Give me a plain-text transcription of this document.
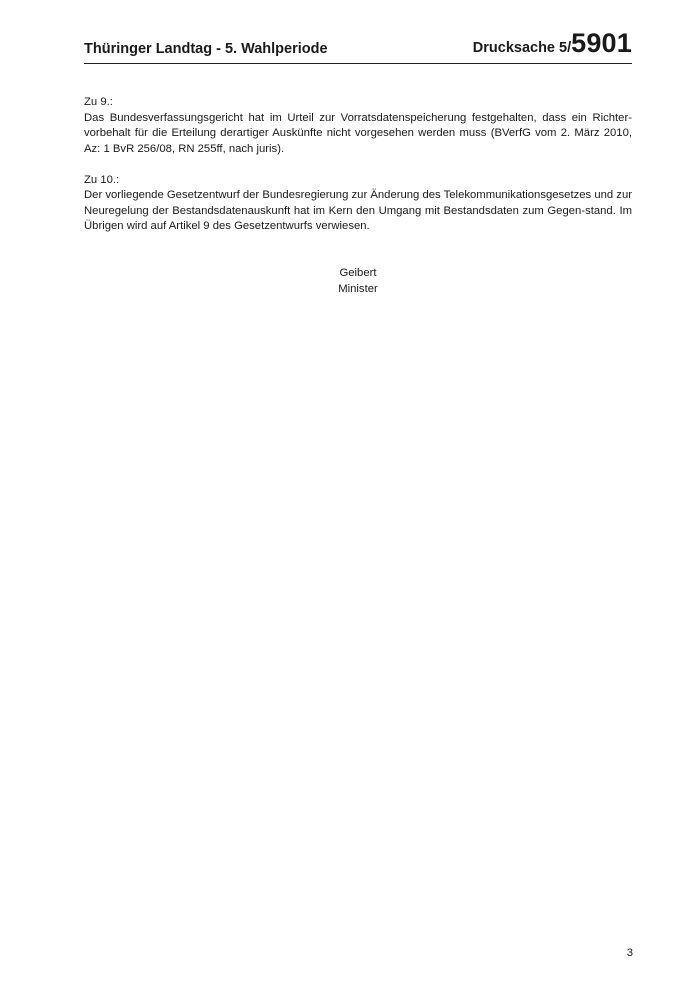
Thüringer Landtag - 5. Wahlperiode	Drucksache 5/5901

Zu 9.:

Das Bundesverfassungsgericht hat im Urteil zur Vorratsdatenspeicherung festgehalten, dass ein Richter-vorbehalt für die Erteilung derartiger Auskünfte nicht vorgesehen werden muss (BVerfG vom 2. März 2010, Az: 1 BvR 256/08, RN 255ff, nach juris).

Zu 10.:

Der vorliegende Gesetzentwurf der Bundesregierung zur Änderung des Telekommunikationsgesetzes und zur Neuregelung der Bestandsdatenauskunft hat im Kern den Umgang mit Bestandsdaten zum Gegen-stand. Im Übrigen wird auf Artikel 9 des Gesetzentwurfs verwiesen.

Geibert
Minister
3
